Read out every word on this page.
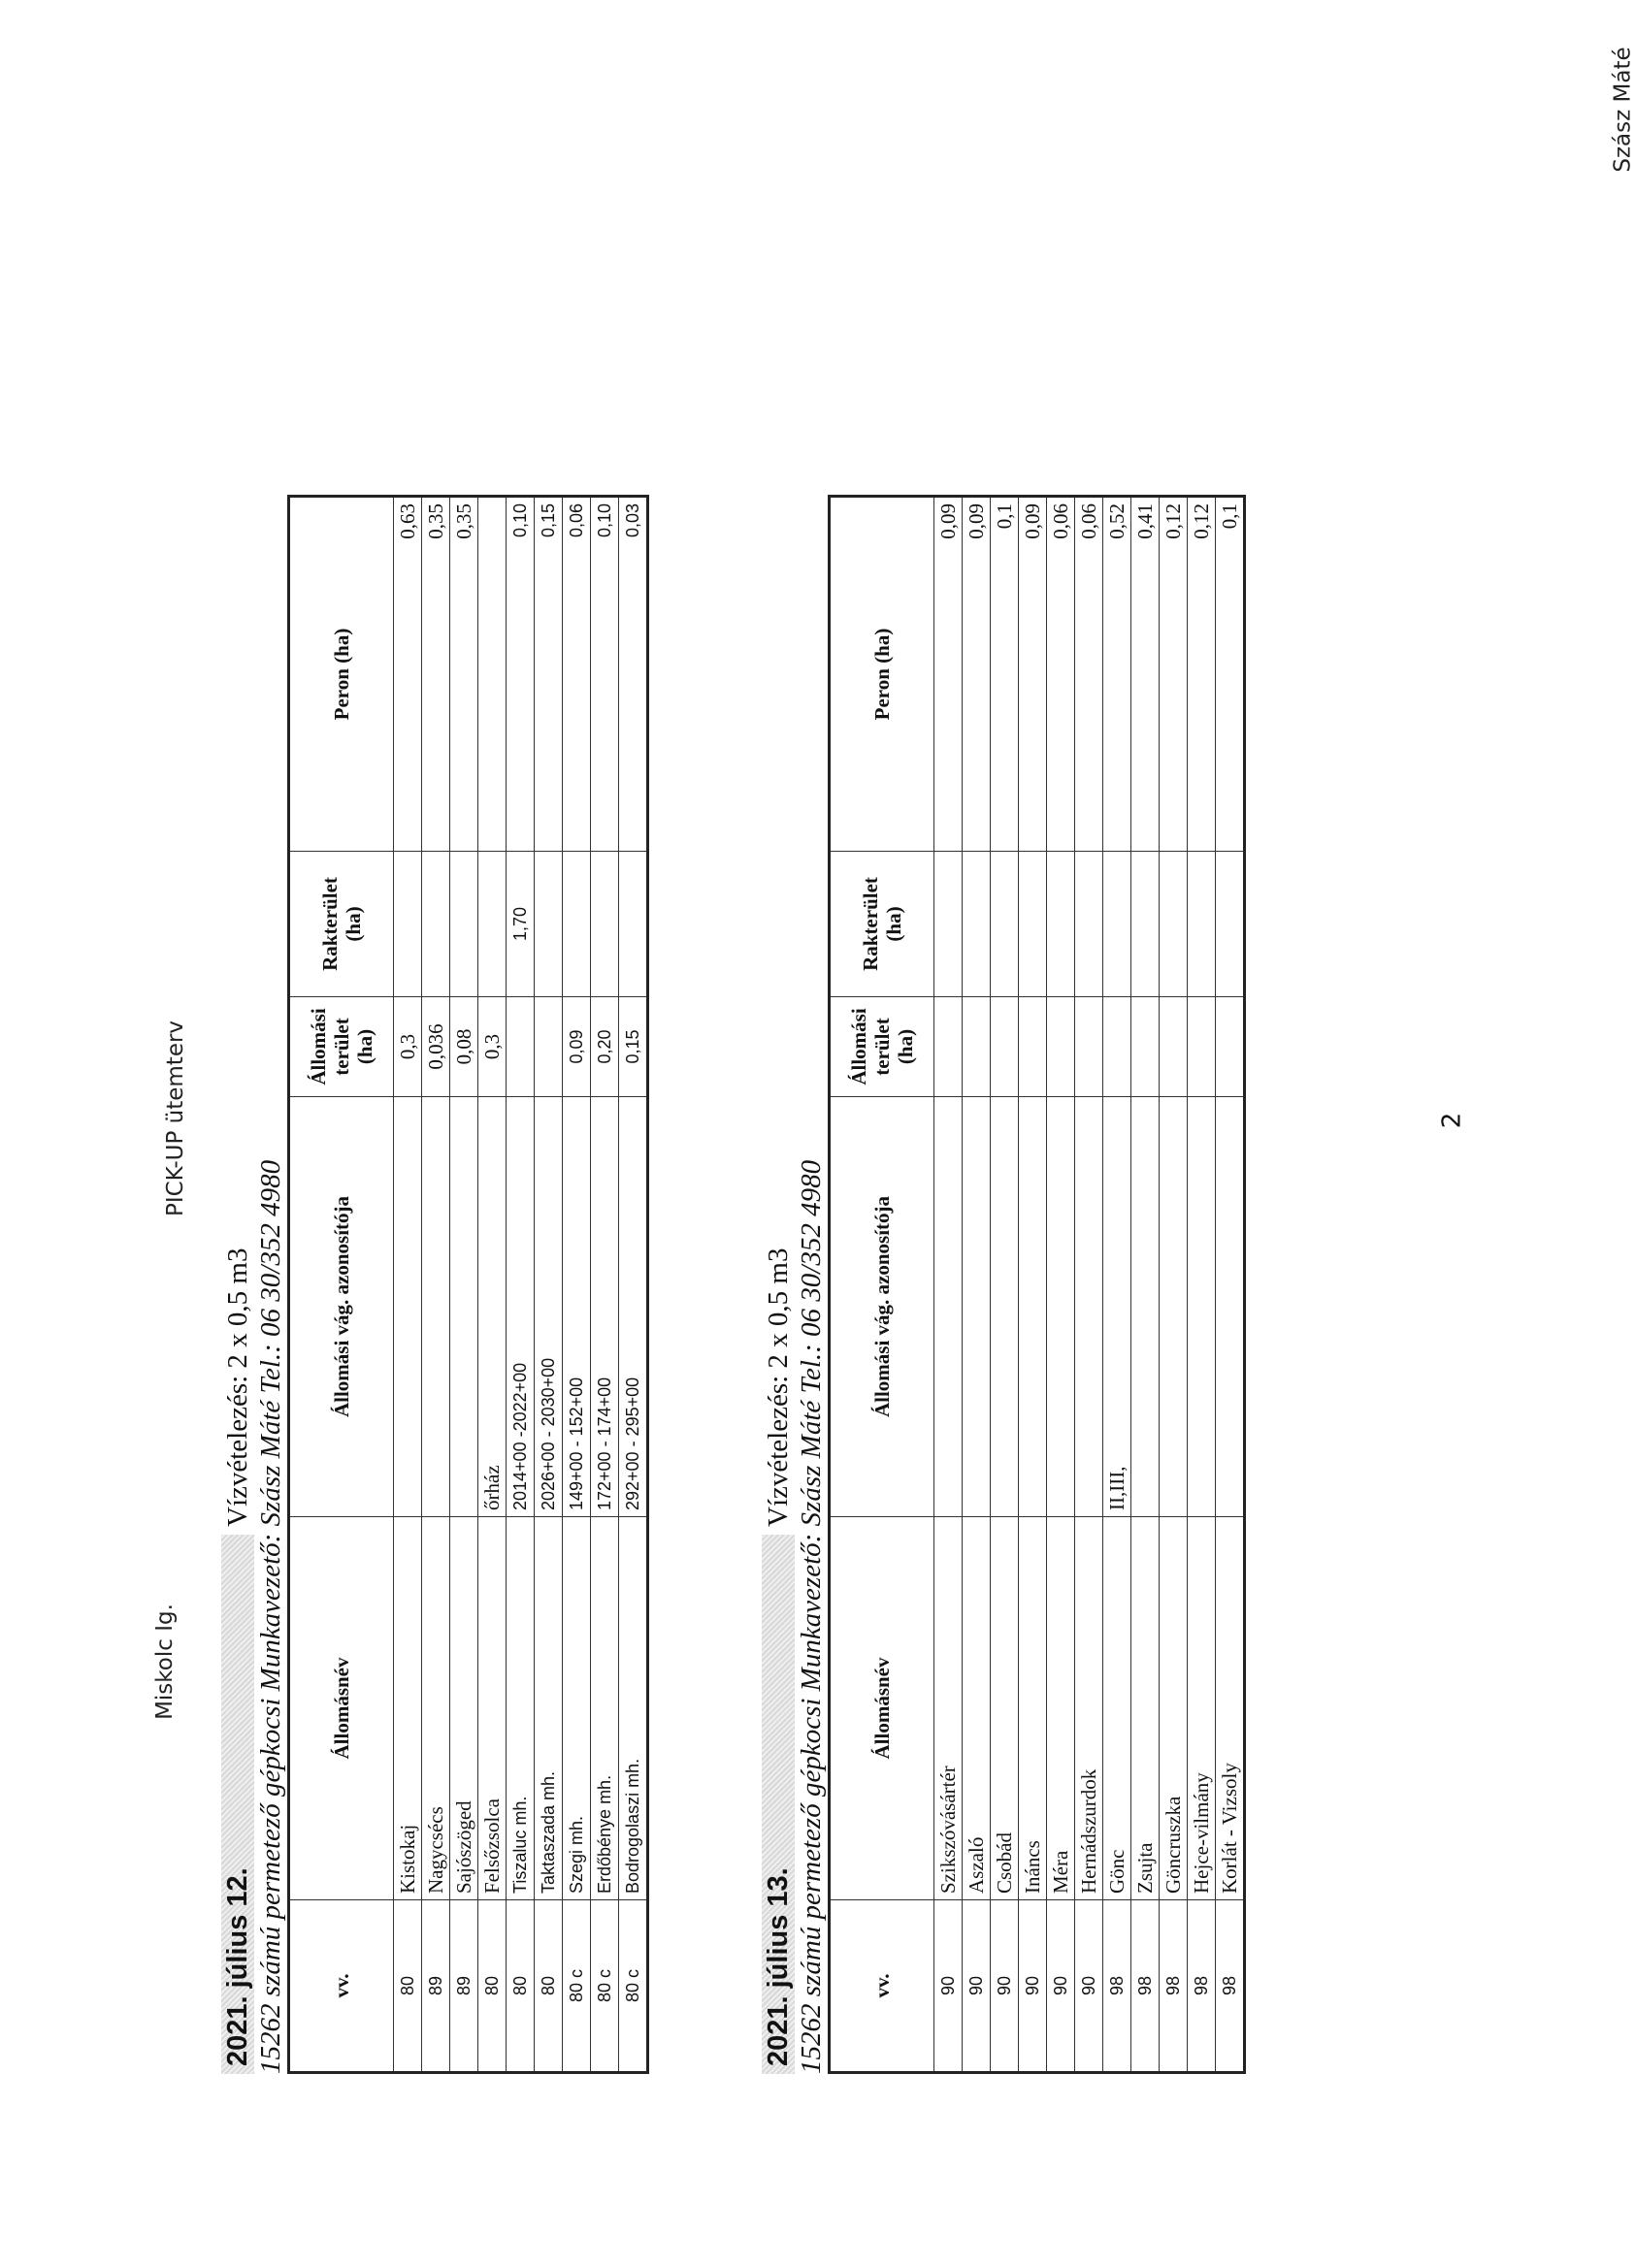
Miskolc Ig.
PICK-UP ütemterv
Szász Máté
2
2021. július 12.Vízvételezés: 2 x 0,5 m3 15262 számú permetező gépkocsi Munkavezető: Szász Máté Tel.: 06 30/352 4980 vv.	Állomásnév	Állomási vág. azonosítója	Állomási terület (ha)	Rakterület (ha)	Peron (ha)
80	Kistokaj		0,3		0,63
89	Nagycsécs		0,036		0,35
89	Sajószöged		0,08		0,35
80	Felsőzsolca	őrház	0,3		
80	Tiszaluc mh.	2014+00 -2022+00		1,70	0,10
80	Taktaszada mh.	2026+00 - 2030+00			0,15
80 c	Szegi mh.	149+00 - 152+00	0,09		0,06
80 c	Erdőbénye mh.	172+00 - 174+00	0,20		0,10
80 c	Bodrogolaszi mh.	292+00 - 295+00	0,15		0,03
2021. július 13.Vízvételezés: 2 x 0,5 m3 15262 számú permetező gépkocsi Munkavezető: Szász Máté Tel.: 06 30/352 4980 vv.	Állomásnév	Állomási vág. azonosítója	Állomási terület (ha)	Rakterület (ha)	Peron (ha)
90	Szikszóvásártér				0,09
90	Aszaló				0,09
90	Csobád				0,1
90	Ináncs				0,09
90	Méra				0,06
90	Hernádszurdok				0,06
98	Gönc	II,III,			0,52
98	Zsujta				0,41
98	Göncruszka				0,12
98	Hejce-vilmány				0,12
98	Korlát - Vizsoly				0,1
